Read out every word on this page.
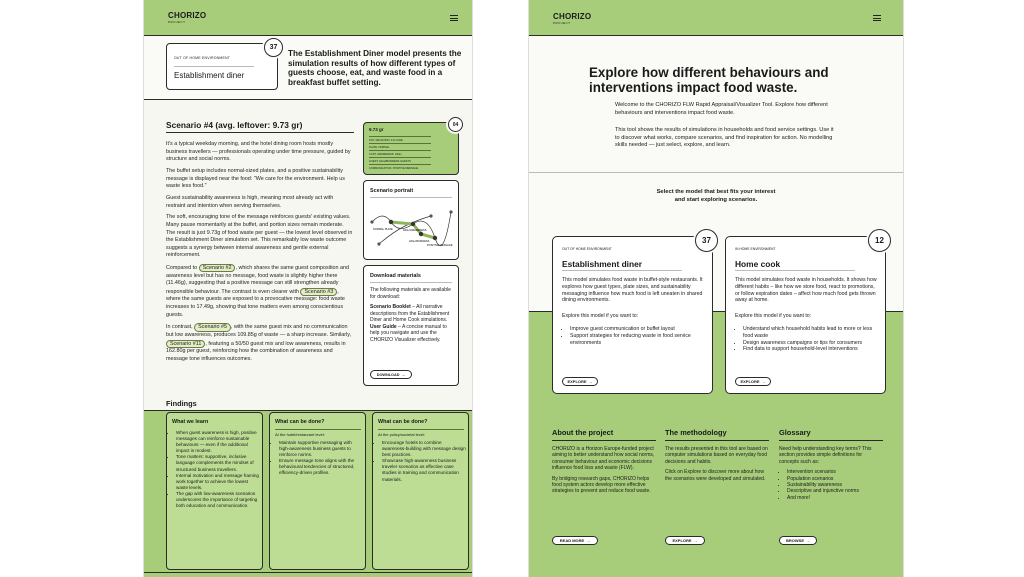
CHORIZO
PROJECT
OUT OF HOME ENVIRONMENT
Establishment diner
37
The Establishment Diner model presents the simulation results of how different types of guests choose, eat, and waste food in a breakfast buffet setting.
Scenario #4 (avg. leftover: 9.73 gr)

It's a typical weekday morning, and the hotel dining room hosts mostly business travellers — professionals operating under time pressure, guided by structure and social norms.

The buffet setup includes normal-sized plates, and a positive sustainability message is displayed near the food: "We care for the environment. Help us waste less food."

Guest sustainability awareness is high, meaning most already act with restraint and intention when serving themselves.

The soft, encouraging tone of the message reinforces guests' existing values. Many pause momentarily at the buffet, and portion sizes remain moderate. The result is just 9.73g of food waste per guest — the lowest level observed in the Establishment Diner simulation set. This remarkably low waste outcome suggests a synergy between internal awareness and gentle external reinforcement.

Compared to Scenario #2 , which shares the same guest composition and awareness level but has no message, food waste is slightly higher there (11.46g), suggesting that a positive message can still strengthen already responsible behaviour. The contrast is even clearer with Scenario #3 , where the same guests are exposed to a provocative message: food waste increases to 17.49g, showing that tone matters even among conscientious guests.

In contrast, Scenario #5 , with the same guest mix and no communication but low awareness, produces 109.85g of waste — a sharp increase. Similarly, Scenario #11 , featuring a 50/50 guest mix and low awareness, results in 162.80g per guest, reinforcing how the combination of awareness and message tone influences outcomes.

9.73 gr
STD. DEVIATION: 3.11 G/DE
PLATE: NORMAL
CUST. AWARENESS: HIGH
GUEST: HIGH/BUSINESS GUESTS
COMMUNICATION: POSITIVE MESSAGE
04
Scenario portrait
NORMAL PLATE	HIGH AWARENESS
HIGH BUSINESS
POSITIVE MESSAGE
Download materials
The following materials are available for download:
Scenario Booklet – All narrative descriptions from the Establishment Diner and Home Cook simulations.
User Guide – A concise manual to help you navigate and use the CHORIZO Visualizer effectively.
DOWNLOAD →
Findings
What we learn
• When guest awareness is high, positive messages can reinforce sustainable behaviours — even if the additional impact is modest.
• Tone matters: supportive, inclusive language complements the mindset of structured business travellers.
• Internal motivation and message framing work together to achieve the lowest waste levels.
• The gap with low-awareness scenarios underscores the importance of targeting both education and communication.
What can be done?
At the hotel/restaurant level:
• Maintain supportive messaging with high-awareness business guests to reinforce norms.
• Ensure message tone aligns with the behavioural tendencies of structured, efficiency-driven profiles.
What can be done?
At the policy/societal level:
• Encourage hotels to combine awareness-building with message design best practices.
• Showcase high-awareness business traveler scenarios as effective case studies in training and communication materials.
CHORIZO
PROJECT
Explore how different behaviours and interventions impact food waste.
Welcome to the CHORIZO FLW Rapid Appraisal/Visualizer Tool. Explore how different behaviours and interventions impact food waste.
This tool shows the results of simulations in households and food service settings. Use it to discover what works, compare scenarios, and find inspiration for action. No modelling skills needed — just select, explore, and learn.
Select the model that best fits your interest
and start exploring scenarios.
OUT OF HOME ENVIRONMENT
Establishment diner
This model simulates food waste in buffet-style restaurants. It explores how guest types, plate sizes, and sustainability messaging influence how much food is left uneaten in shared dining environments.
Explore this model if you want to:
• Improve guest communication or buffet layout
• Support strategies for reducing waste in food service environments
EXPLORE →
37
IN HOME ENVIRONMENT
Home cook
This model simulates food waste in households. It shows how different habits – like how we store food, react to promotions, or follow expiration dates – affect how much food gets thrown away at home.
Explore this model if you want to:
• Understand which household habits lead to more or less food waste
• Design awareness campaigns or tips for consumers
• Find data to support household-level interventions
EXPLORE →
12
About the project

CHORIZO is a Horizon Europe-funded project aiming to better understand how social norms, consumer behaviour and economic decisions influence food loss and waste (FLW).

By bridging research gaps, CHORIZO helps food system actors develop more effective strategies to prevent and reduce food waste.

READ MORE →
The methodology

The results presented in this tool are based on computer simulations based on everyday food decisions and habits.

Click on Explore to discover more about how the scenarios were developed and simulated.

EXPLORE →
Glossary

Need help understanding key terms? This section provides simple definitions for concepts such as:

• Intervention scenarios
• Population scenarios
• Sustainability awareness
• Descriptive and injunctive norms
• And more!
BROWSE →
